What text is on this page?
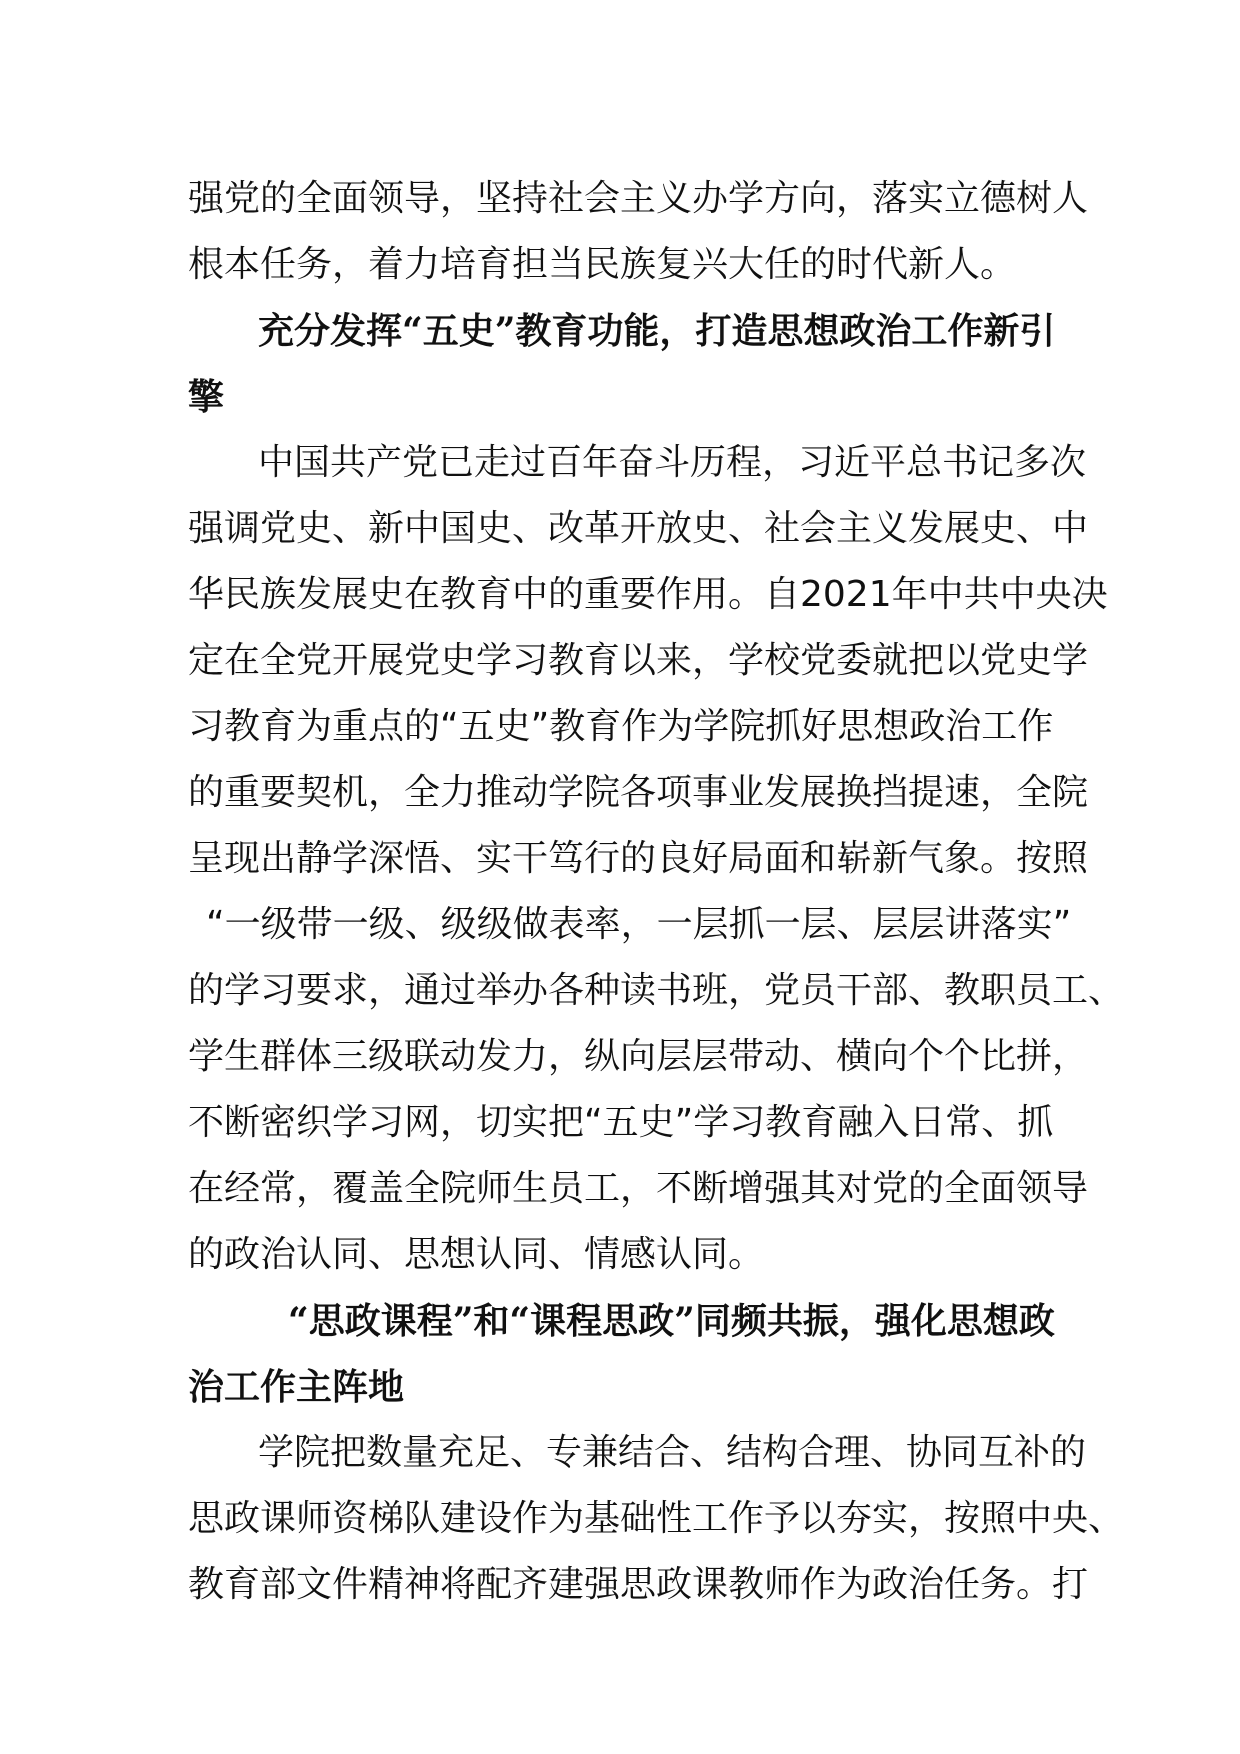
强党的全面领导，坚持社会主义办学方向，落实立德树人
根本任务，着力培育担当民族复兴大任的时代新人。
充分发挥“五史”教育功能，打造思想政治工作新引
擎
中国共产党已走过百年奋斗历程，习近平总书记多次
强调党史、新中国史、改革开放史、社会主义发展史、中
华民族发展史在教育中的重要作用。自2021年中共中央决
定在全党开展党史学习教育以来，学校党委就把以党史学
习教育为重点的“五史”教育作为学院抓好思想政治工作
的重要契机，全力推动学院各项事业发展换挡提速，全院
呈现出静学深悟、实干笃行的良好局面和崭新气象。按照
“一级带一级、级级做表率，一层抓一层、层层讲落实”
的学习要求，通过举办各种读书班，党员干部、教职员工、
学生群体三级联动发力，纵向层层带动、横向个个比拼，
不断密织学习网，切实把“五史”学习教育融入日常、抓
在经常，覆盖全院师生员工，不断增强其对党的全面领导
的政治认同、思想认同、情感认同。
“思政课程”和“课程思政”同频共振，强化思想政
治工作主阵地
学院把数量充足、专兼结合、结构合理、协同互补的
思政课师资梯队建设作为基础性工作予以夯实，按照中央、
教育部文件精神将配齐建强思政课教师作为政治任务。打
